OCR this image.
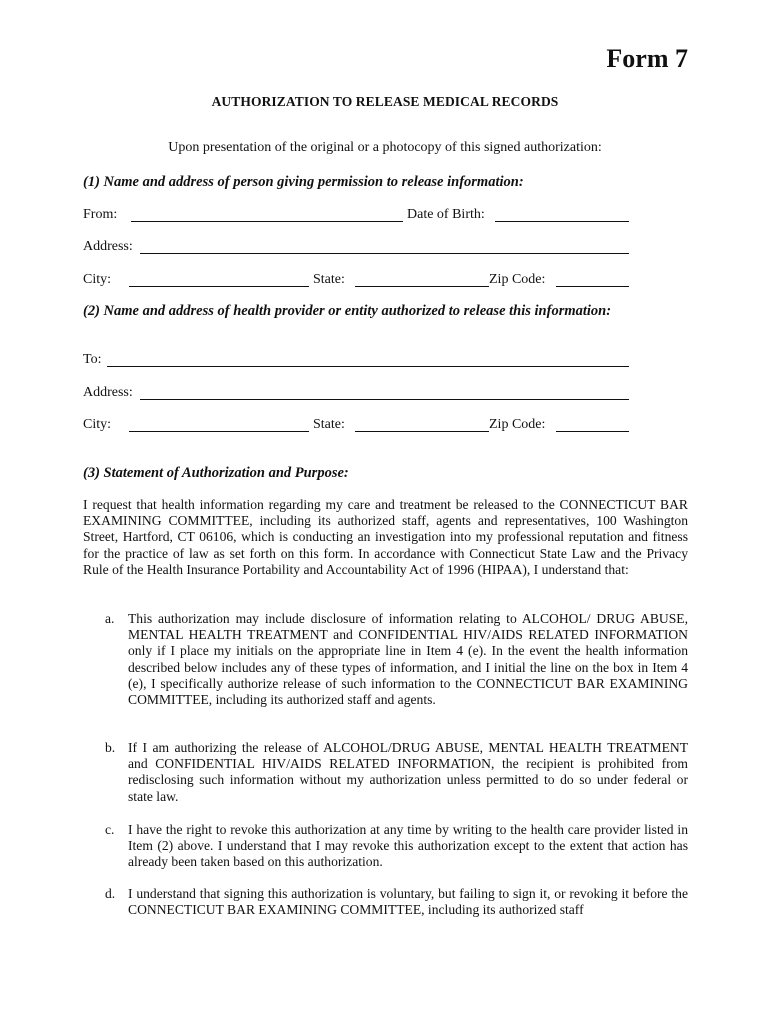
Form 7
AUTHORIZATION TO RELEASE MEDICAL RECORDS
Upon presentation of the original or a photocopy of this signed authorization:
(1) Name and address of person giving permission to release information:
From:	Date of Birth:
Address:
City:	State:	Zip Code:
(2) Name and address of health provider or entity authorized to release this information:
To:
Address:
City:	State:	Zip Code:
(3) Statement of Authorization and Purpose:
I request that health information regarding my care and treatment be released to the CONNECTICUT BAR EXAMINING COMMITTEE, including its authorized staff, agents and representatives, 100 Washington Street, Hartford, CT 06106, which is conducting an investigation into my professional reputation and fitness for the practice of law as set forth on this form. In accordance with Connecticut State Law and the Privacy Rule of the Health Insurance Portability and Accountability Act of 1996 (HIPAA), I understand that:
a. This authorization may include disclosure of information relating to ALCOHOL/ DRUG ABUSE, MENTAL HEALTH TREATMENT and CONFIDENTIAL HIV/AIDS RELATED INFORMATION only if I place my initials on the appropriate line in Item 4 (e). In the event the health information described below includes any of these types of information, and I initial the line on the box in Item 4 (e), I specifically authorize release of such information to the CONNECTICUT BAR EXAMINING COMMITTEE, including its authorized staff and agents.
b. If I am authorizing the release of ALCOHOL/DRUG ABUSE, MENTAL HEALTH TREATMENT and CONFIDENTIAL HIV/AIDS RELATED INFORMATION, the recipient is prohibited from redisclosing such information without my authorization unless permitted to do so under federal or state law.
c. I have the right to revoke this authorization at any time by writing to the health care provider listed in Item (2) above. I understand that I may revoke this authorization except to the extent that action has already been taken based on this authorization.
d. I understand that signing this authorization is voluntary, but failing to sign it, or revoking it before the CONNECTICUT BAR EXAMINING COMMITTEE, including its authorized staff
